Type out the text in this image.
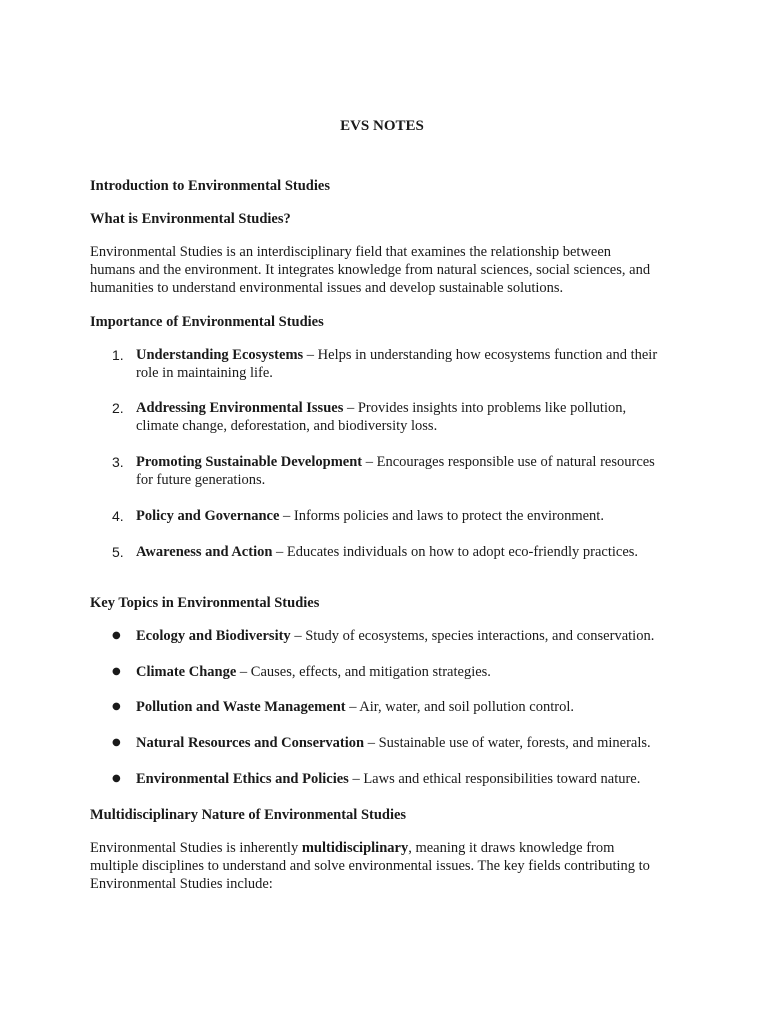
EVS NOTES
Introduction to Environmental Studies
What is Environmental Studies?
Environmental Studies is an interdisciplinary field that examines the relationship between
humans and the environment. It integrates knowledge from natural sciences, social sciences, and
humanities to understand environmental issues and develop sustainable solutions.
Importance of Environmental Studies
1. Understanding Ecosystems – Helps in understanding how ecosystems function and their
role in maintaining life.
2. Addressing Environmental Issues – Provides insights into problems like pollution,
climate change, deforestation, and biodiversity loss.
3. Promoting Sustainable Development – Encourages responsible use of natural resources
for future generations.
4. Policy and Governance – Informs policies and laws to protect the environment.
5. Awareness and Action – Educates individuals on how to adopt eco-friendly practices.
Key Topics in Environmental Studies
● Ecology and Biodiversity – Study of ecosystems, species interactions, and conservation.
● Climate Change – Causes, effects, and mitigation strategies.
● Pollution and Waste Management – Air, water, and soil pollution control.
● Natural Resources and Conservation – Sustainable use of water, forests, and minerals.
● Environmental Ethics and Policies – Laws and ethical responsibilities toward nature.
Multidisciplinary Nature of Environmental Studies
Environmental Studies is inherently multidisciplinary, meaning it draws knowledge from
multiple disciplines to understand and solve environmental issues. The key fields contributing to
Environmental Studies include:
